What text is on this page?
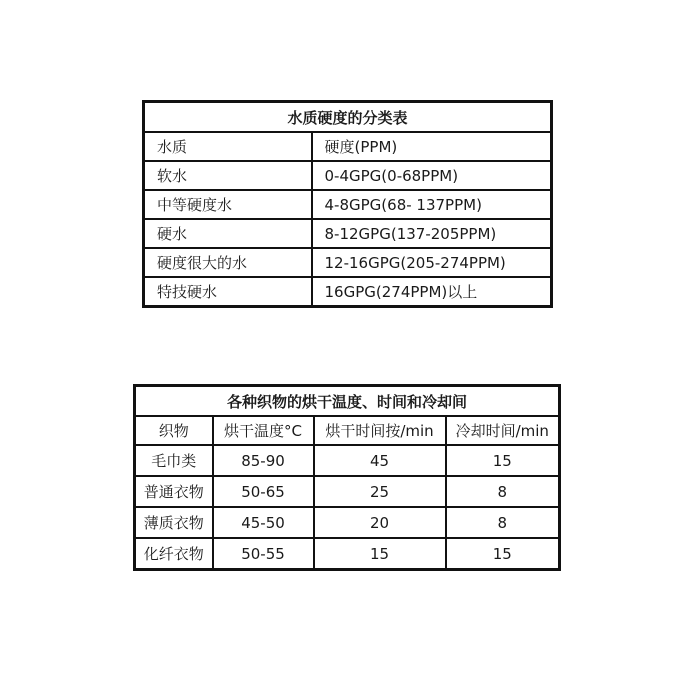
水质硬度的分类表	
水质	硬度(PPM)
软水	0-4GPG(0-68PPM)
中等硬度水	4-8GPG(68- 137PPM)
硬水	8-12GPG(137-205PPM)
硬度很大的水	12-16GPG(205-274PPM)
特技硬水	16GPG(274PPM)以上
各种织物的烘干温度、时间和冷却间			
织物	烘干温度°C	烘干时间按/min	冷却时间/min
毛巾类	85-90	45	15
普通衣物	50-65	25	8
薄质衣物	45-50	20	8
化纤衣物	50-55	15	15
